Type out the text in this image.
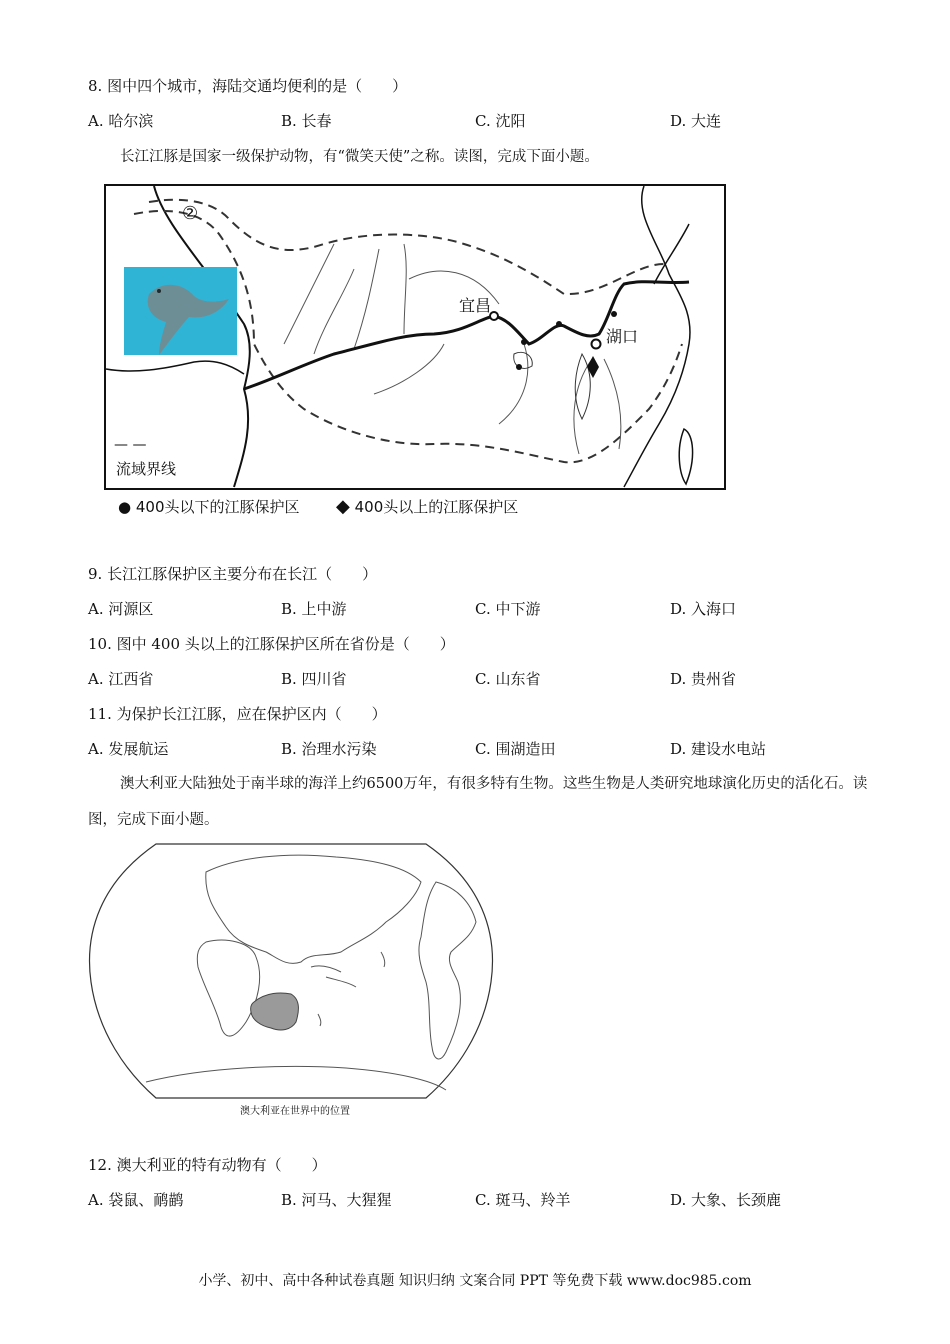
8. 图中四个城市，海陆交通均便利的是（　　）
A. 哈尔滨	B. 长春	C. 沈阳	D. 大连
长江江豚是国家一级保护动物，有“微笑天使”之称。读图，完成下面小题。
②
宜昌
湖口
— —
流域界线
● 400头以下的江豚保护区 ◆ 400头以上的江豚保护区
9. 长江江豚保护区主要分布在长江（　　）
A. 河源区	B. 上中游	C. 中下游	D. 入海口
10. 图中 400 头以上的江豚保护区所在省份是（　　）
A. 江西省	B. 四川省	C. 山东省	D. 贵州省
11. 为保护长江江豚，应在保护区内（　　）
A. 发展航运	B. 治理水污染	C. 围湖造田	D. 建设水电站
澳大利亚大陆独处于南半球的海洋上约6500万年，有很多特有生物。这些生物是人类研究地球演化历史的活化石。读图，完成下面小题。
澳大利亚在世界中的位置
12. 澳大利亚的特有动物有（　　）
A. 袋鼠、鸸鹋	B. 河马、大猩猩	C. 斑马、羚羊	D. 大象、长颈鹿
小学、初中、高中各种试卷真题 知识归纳 文案合同 PPT 等免费下载 www.doc985.com
